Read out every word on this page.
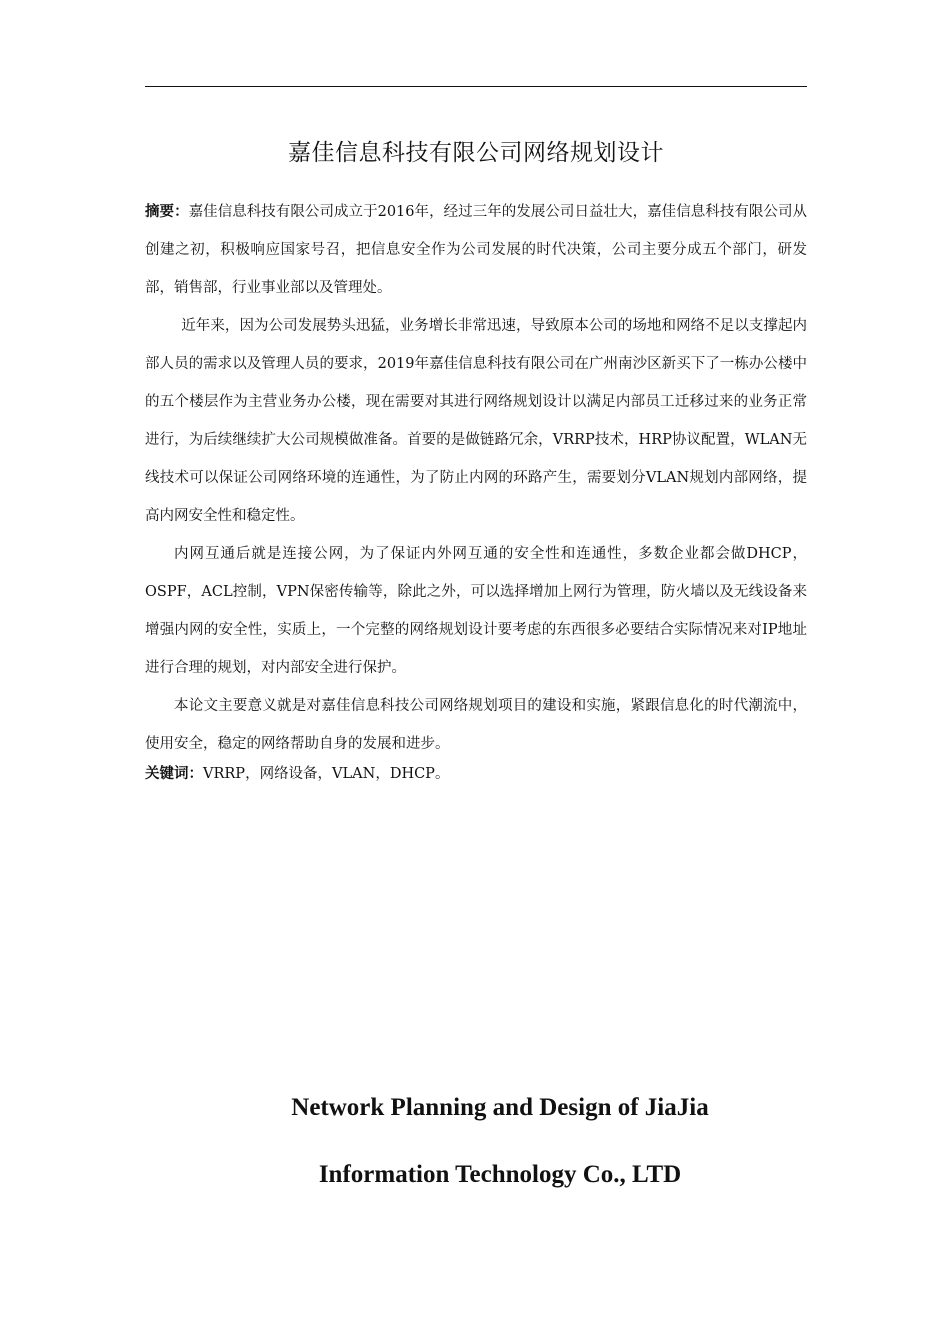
嘉佳信息科技有限公司网络规划设计

摘要：嘉佳信息科技有限公司成立于2016年，经过三年的发展公司日益壮大，嘉佳信息科技有限公司从创建之初，积极响应国家号召，把信息安全作为公司发展的时代决策，公司主要分成五个部门，研发部，销售部，行业事业部以及管理处。

近年来，因为公司发展势头迅猛，业务增长非常迅速，导致原本公司的场地和网络不足以支撑起内部人员的需求以及管理人员的要求，2019年嘉佳信息科技有限公司在广州南沙区新买下了一栋办公楼中的五个楼层作为主营业务办公楼，现在需要对其进行网络规划设计以满足内部员工迁移过来的业务正常进行，为后续继续扩大公司规模做准备。首要的是做链路冗余，VRRP技术，HRP协议配置，WLAN无线技术可以保证公司网络环境的连通性，为了防止内网的环路产生，需要划分VLAN规划内部网络，提高内网安全性和稳定性。

内网互通后就是连接公网，为了保证内外网互通的安全性和连通性，多数企业都会做DHCP，OSPF，ACL控制，VPN保密传输等，除此之外，可以选择增加上网行为管理，防火墙以及无线设备来增强内网的安全性，实质上，一个完整的网络规划设计要考虑的东西很多必要结合实际情况来对IP地址进行合理的规划，对内部安全进行保护。

本论文主要意义就是对嘉佳信息科技公司网络规划项目的建设和实施，紧跟信息化的时代潮流中，使用安全，稳定的网络帮助自身的发展和进步。

关键词：VRRP，网络设备，VLAN，DHCP。

Network Planning and Design of JiaJia
Information Technology Co., LTD
